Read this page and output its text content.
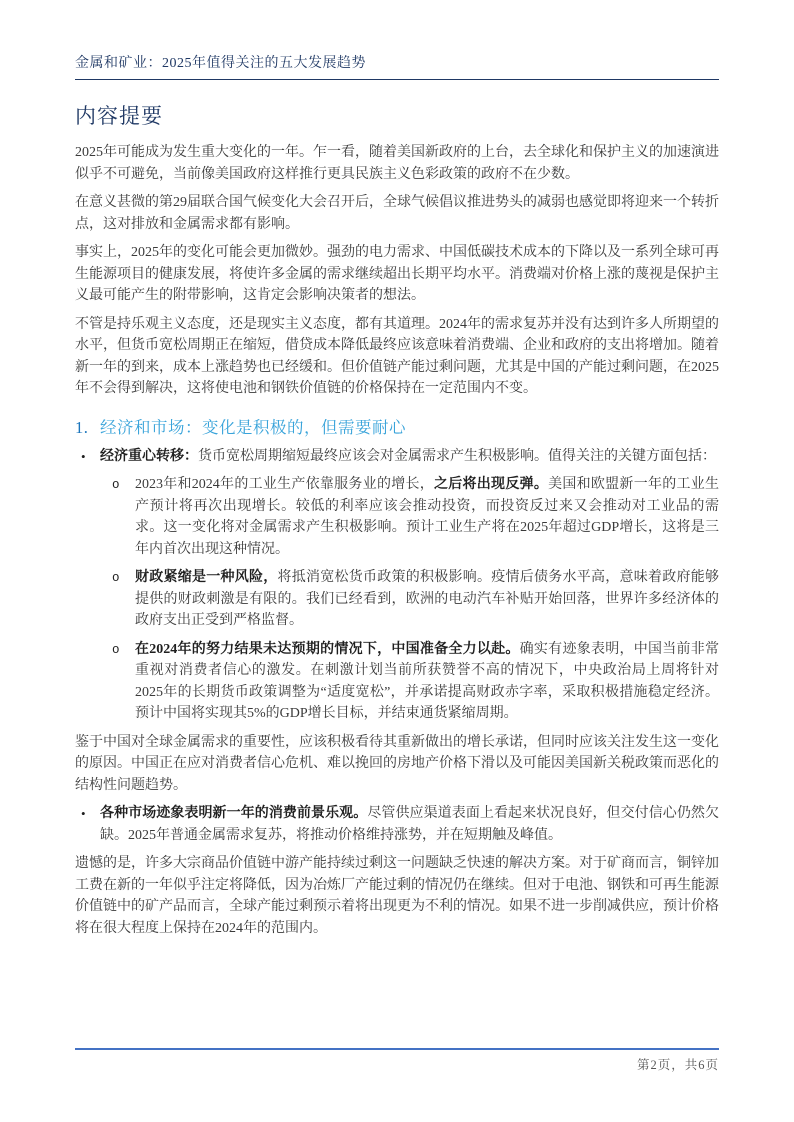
金属和矿业：2025年值得关注的五大发展趋势
内容提要

2025年可能成为发生重大变化的一年。乍一看，随着美国新政府的上台，去全球化和保护主义的加速演进似乎不可避免，当前像美国政府这样推行更具民族主义色彩政策的政府不在少数。

在意义甚微的第29届联合国气候变化大会召开后，全球气候倡议推进势头的减弱也感觉即将迎来一个转折点，这对排放和金属需求都有影响。

事实上，2025年的变化可能会更加微妙。强劲的电力需求、中国低碳技术成本的下降以及一系列全球可再生能源项目的健康发展，将使许多金属的需求继续超出长期平均水平。消费端对价格上涨的蔑视是保护主义最可能产生的附带影响，这肯定会影响决策者的想法。

不管是持乐观主义态度，还是现实主义态度，都有其道理。2024年的需求复苏并没有达到许多人所期望的水平，但货币宽松周期正在缩短，借贷成本降低最终应该意味着消费端、企业和政府的支出将增加。随着新一年的到来，成本上涨趋势也已经缓和。但价值链产能过剩问题，尤其是中国的产能过剩问题，在2025年不会得到解决，这将使电池和钢铁价值链的价格保持在一定范围内不变。

1. 经济和市场：变化是积极的，但需要耐心
• 经济重心转移：货币宽松周期缩短最终应该会对金属需求产生积极影响。值得关注的关键方面包括：

o 2023年和2024年的工业生产依靠服务业的增长，之后将出现反弹。美国和欧盟新一年的工业生产预计将再次出现增长。较低的利率应该会推动投资，而投资反过来又会推动对工业品的需求。这一变化将对金属需求产生积极影响。预计工业生产将在2025年超过GDP增长，这将是三年内首次出现这种情况。

o 财政紧缩是一种风险，将抵消宽松货币政策的积极影响。疫情后债务水平高，意味着政府能够提供的财政刺激是有限的。我们已经看到，欧洲的电动汽车补贴开始回落，世界许多经济体的政府支出正受到严格监督。

o 在2024年的努力结果未达预期的情况下，中国准备全力以赴。确实有迹象表明，中国当前非常重视对消费者信心的激发。在刺激计划当前所获赞誉不高的情况下，中央政治局上周将针对2025年的长期货币政策调整为“适度宽松”，并承诺提高财政赤字率，采取积极措施稳定经济。预计中国将实现其5%的GDP增长目标，并结束通货紧缩周期。

鉴于中国对全球金属需求的重要性，应该积极看待其重新做出的增长承诺，但同时应该关注发生这一变化的原因。中国正在应对消费者信心危机、难以挽回的房地产价格下滑以及可能因美国新关税政策而恶化的结构性问题趋势。

• 各种市场迹象表明新一年的消费前景乐观。尽管供应渠道表面上看起来状况良好，但交付信心仍然欠缺。2025年普通金属需求复苏，将推动价格维持涨势，并在短期触及峰值。

遗憾的是，许多大宗商品价值链中游产能持续过剩这一问题缺乏快速的解决方案。对于矿商而言，铜锌加工费在新的一年似乎注定将降低，因为冶炼厂产能过剩的情况仍在继续。但对于电池、钢铁和可再生能源价值链中的矿产品而言，全球产能过剩预示着将出现更为不利的情况。如果不进一步削减供应，预计价格将在很大程度上保持在2024年的范围内。

第2页，共6页
